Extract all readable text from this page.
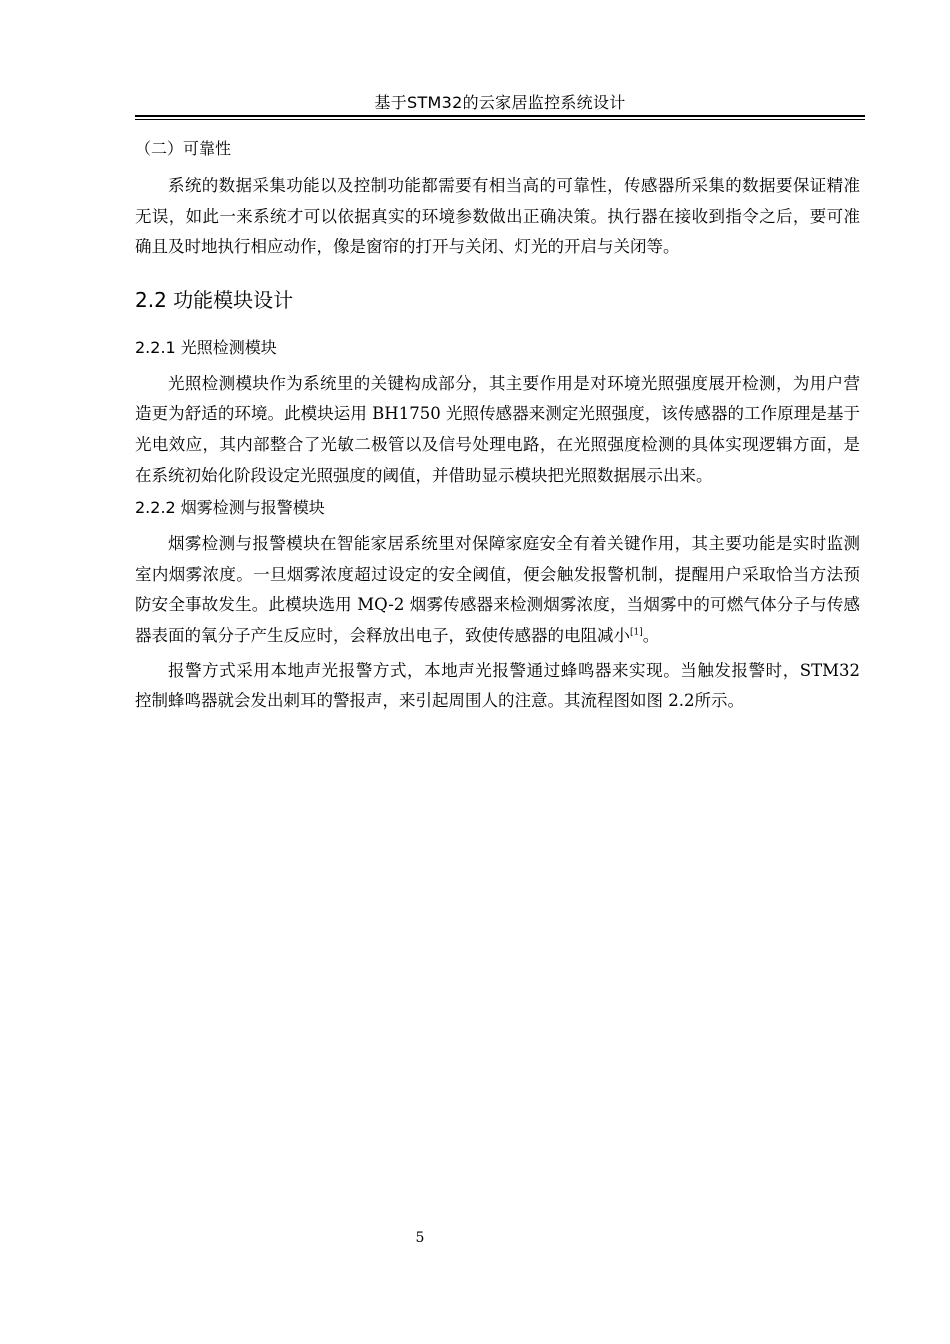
基于STM32的云家居监控系统设计
（二）可靠性

系统的数据采集功能以及控制功能都需要有相当高的可靠性，传感器所采集的数据要保证精准无误，如此一来系统才可以依据真实的环境参数做出正确决策。执行器在接收到指令之后，要可准确且及时地执行相应动作，像是窗帘的打开与关闭、灯光的开启与关闭等。

2.2 功能模块设计
2.2.1 光照检测模块

光照检测模块作为系统里的关键构成部分，其主要作用是对环境光照强度展开检测，为用户营造更为舒适的环境。此模块运用 BH1750 光照传感器来测定光照强度，该传感器的工作原理是基于光电效应，其内部整合了光敏二极管以及信号处理电路，在光照强度检测的具体实现逻辑方面，是在系统初始化阶段设定光照强度的阈值，并借助显示模块把光照数据展示出来。

2.2.2 烟雾检测与报警模块

烟雾检测与报警模块在智能家居系统里对保障家庭安全有着关键作用，其主要功能是实时监测室内烟雾浓度。一旦烟雾浓度超过设定的安全阈值，便会触发报警机制，提醒用户采取恰当方法预防安全事故发生。此模块选用 MQ-2 烟雾传感器来检测烟雾浓度，当烟雾中的可燃气体分子与传感器表面的氧分子产生反应时，会释放出电子，致使传感器的电阻减小[1]。

报警方式采用本地声光报警方式，本地声光报警通过蜂鸣器来实现。当触发报警时，STM32 控制蜂鸣器就会发出刺耳的警报声，来引起周围人的注意。其流程图如图 2.2所示。

5
